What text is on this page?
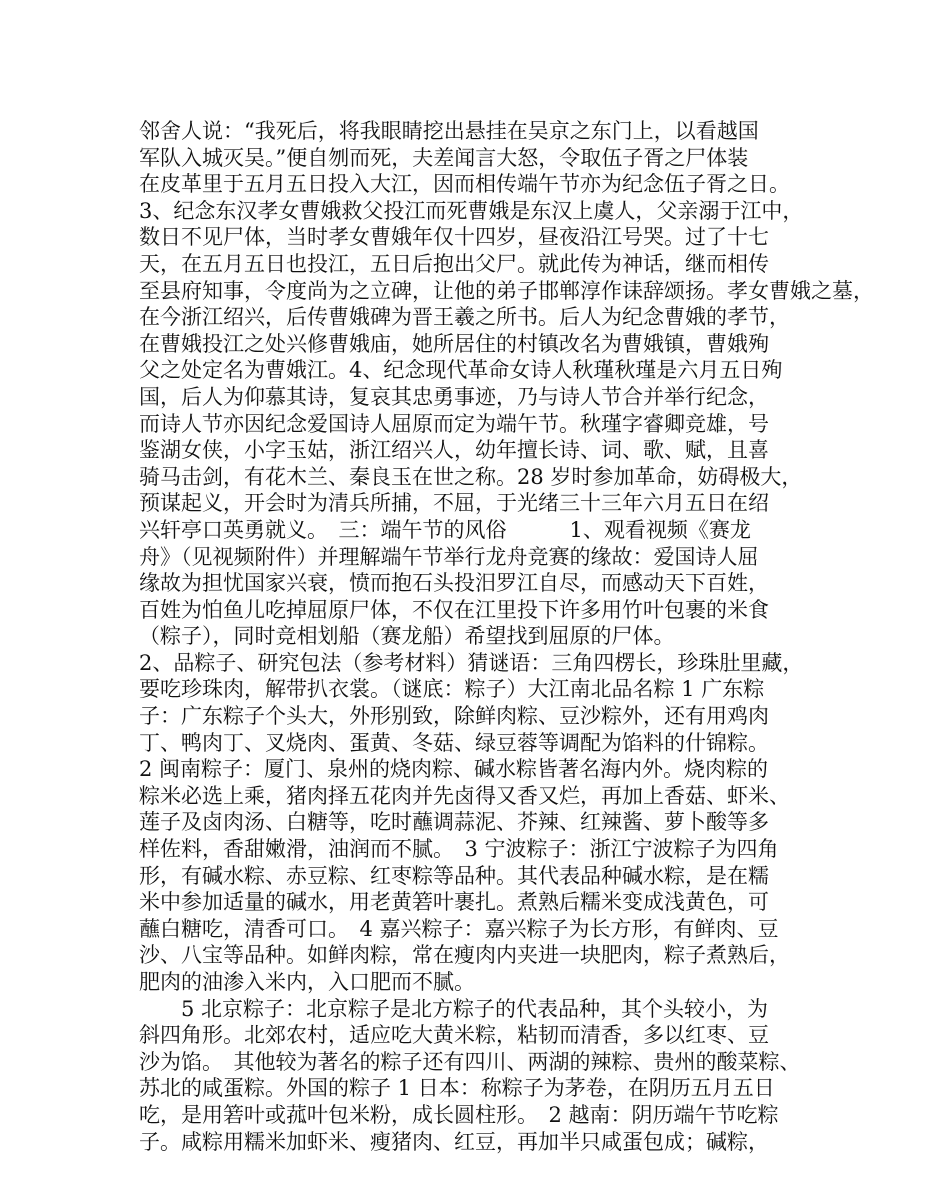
邻舍人说：“我死后，将我眼睛挖出悬挂在吴京之东门上，以看越国
军队入城灭吴。”便自刎而死，夫差闻言大怒，令取伍子胥之尸体装
在皮革里于五月五日投入大江，因而相传端午节亦为纪念伍子胥之日。
3、纪念东汉孝女曹娥救父投江而死曹娥是东汉上虞人，父亲溺于江中，
数日不见尸体，当时孝女曹娥年仅十四岁，昼夜沿江号哭。过了十七
天，在五月五日也投江，五日后抱出父尸。就此传为神话，继而相传
至县府知事，令度尚为之立碑，让他的弟子邯郸淳作诔辞颂扬。孝女曹娥之墓，
在今浙江绍兴，后传曹娥碑为晋王羲之所书。后人为纪念曹娥的孝节，
在曹娥投江之处兴修曹娥庙，她所居住的村镇改名为曹娥镇，曹娥殉
父之处定名为曹娥江。4、纪念现代革命女诗人秋瑾秋瑾是六月五日殉
国，后人为仰慕其诗，复哀其忠勇事迹，乃与诗人节合并举行纪念，
而诗人节亦因纪念爱国诗人屈原而定为端午节。秋瑾字睿卿竞雄，号
鉴湖女侠，小字玉姑，浙江绍兴人，幼年擅长诗、词、歌、赋，且喜
骑马击剑，有花木兰、秦良玉在世之称。28 岁时参加革命，妨碍极大，
预谋起义，开会时为清兵所捕，不屈，于光绪三十三年六月五日在绍
兴轩亭口英勇就义。　三：端午节的风俗　　　1、观看视频《赛龙
舟》（见视频附件）并理解端午节举行龙舟竞赛的缘故：爱国诗人屈
缘故为担忧国家兴衰，愤而抱石头投汨罗江自尽，而感动天下百姓，
百姓为怕鱼儿吃掉屈原尸体，不仅在江里投下许多用竹叶包裹的米食
（粽子），同时竞相划船（赛龙船）希望找到屈原的尸体。
2、品粽子、研究包法（参考材料）猜谜语：三角四楞长，珍珠肚里藏，
要吃珍珠肉，解带扒衣裳。（谜底：粽子）大江南北品名粽 1 广东粽
子：广东粽子个头大，外形别致，除鲜肉粽、豆沙粽外，还有用鸡肉
丁、鸭肉丁、叉烧肉、蛋黄、冬菇、绿豆蓉等调配为馅料的什锦粽。
2 闽南粽子：厦门、泉州的烧肉粽、碱水粽皆著名海内外。烧肉粽的
粽米必选上乘，猪肉择五花肉并先卤得又香又烂，再加上香菇、虾米、
莲子及卤肉汤、白糖等，吃时蘸调蒜泥、芥辣、红辣酱、萝卜酸等多
样佐料，香甜嫩滑，油润而不腻。　3 宁波粽子：浙江宁波粽子为四角
形，有碱水粽、赤豆粽、红枣粽等品种。其代表品种碱水粽，是在糯
米中参加适量的碱水，用老黄箬叶裹扎。煮熟后糯米变成浅黄色，可
蘸白糖吃，清香可口。　4 嘉兴粽子：嘉兴粽子为长方形，有鲜肉、豆
沙、八宝等品种。如鲜肉粽，常在瘦肉内夹进一块肥肉，粽子煮熟后，
肥肉的油渗入米内，入口肥而不腻。
　　5 北京粽子：北京粽子是北方粽子的代表品种，其个头较小，为
斜四角形。北郊农村，适应吃大黄米粽，粘韧而清香，多以红枣、豆
沙为馅。　其他较为著名的粽子还有四川、两湖的辣粽、贵州的酸菜粽、
苏北的咸蛋粽。外国的粽子 1 日本：称粽子为茅卷，在阴历五月五日
吃，是用箬叶或菰叶包米粉，成长圆柱形。　2 越南：阴历端午节吃粽
子。咸粽用糯米加虾米、瘦猪肉、红豆，再加半只咸蛋包成；碱粽，
